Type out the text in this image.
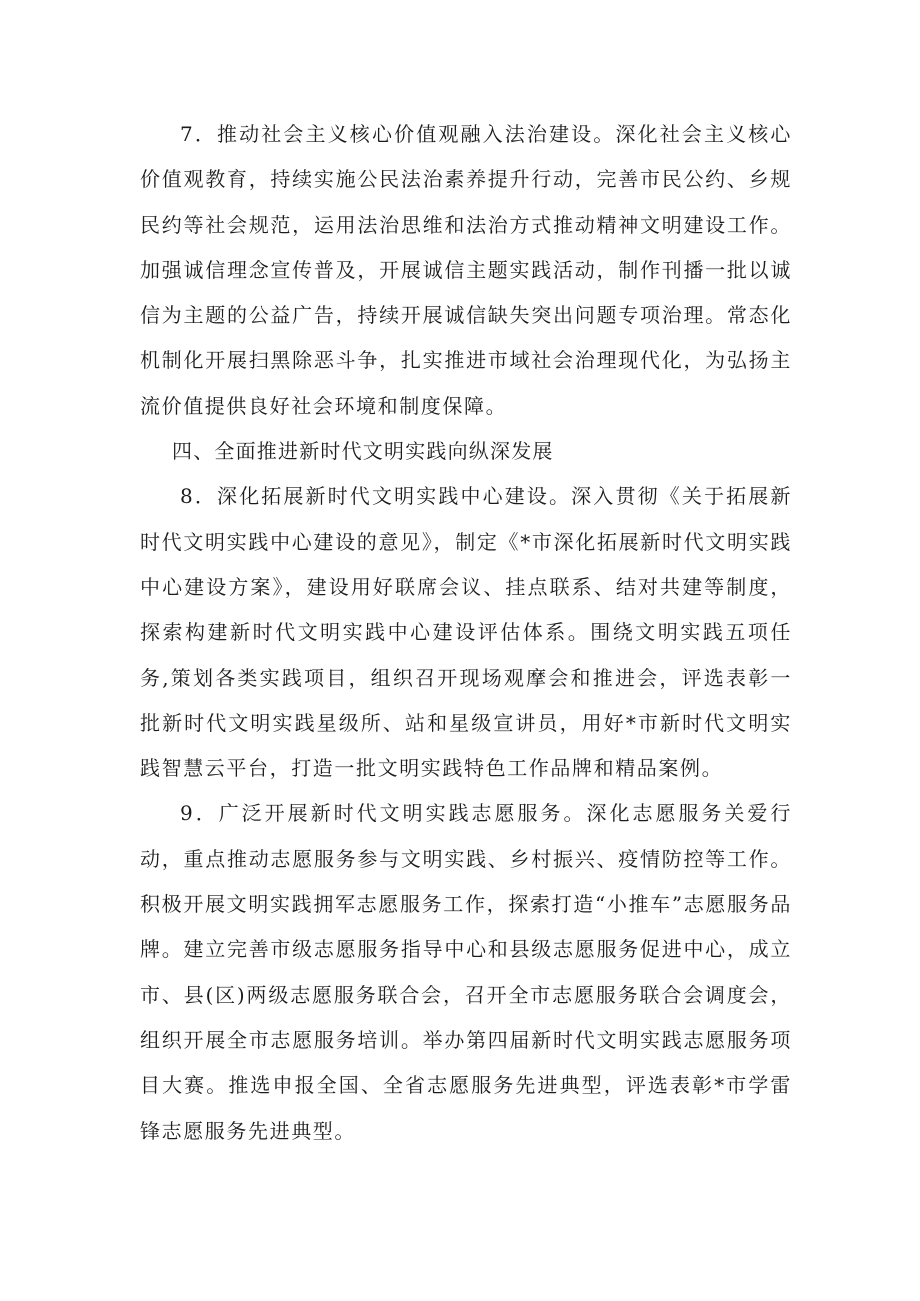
7．推动社会主义核心价值观融入法治建设。深化社会主义核心价值观教育，持续实施公民法治素养提升行动，完善市民公约、乡规民约等社会规范，运用法治思维和法治方式推动精神文明建设工作。加强诚信理念宣传普及，开展诚信主题实践活动，制作刊播一批以诚信为主题的公益广告，持续开展诚信缺失突出问题专项治理。常态化机制化开展扫黑除恶斗争，扎实推进市域社会治理现代化，为弘扬主流价值提供良好社会环境和制度保障。

四、全面推进新时代文明实践向纵深发展

8．深化拓展新时代文明实践中心建设。深入贯彻《关于拓展新时代文明实践中心建设的意见》，制定《*市深化拓展新时代文明实践中心建设方案》，建设用好联席会议、挂点联系、结对共建等制度，探索构建新时代文明实践中心建设评估体系。围绕文明实践五项任务,策划各类实践项目，组织召开现场观摩会和推进会，评选表彰一批新时代文明实践星级所、站和星级宣讲员，用好*市新时代文明实践智慧云平台，打造一批文明实践特色工作品牌和精品案例。

9．广泛开展新时代文明实践志愿服务。深化志愿服务关爱行动，重点推动志愿服务参与文明实践、乡村振兴、疫情防控等工作。积极开展文明实践拥军志愿服务工作，探索打造“小推车”志愿服务品牌。建立完善市级志愿服务指导中心和县级志愿服务促进中心，成立市、县(区)两级志愿服务联合会，召开全市志愿服务联合会调度会，组织开展全市志愿服务培训。举办第四届新时代文明实践志愿服务项目大赛。推选申报全国、全省志愿服务先进典型，评选表彰*市学雷锋志愿服务先进典型。
